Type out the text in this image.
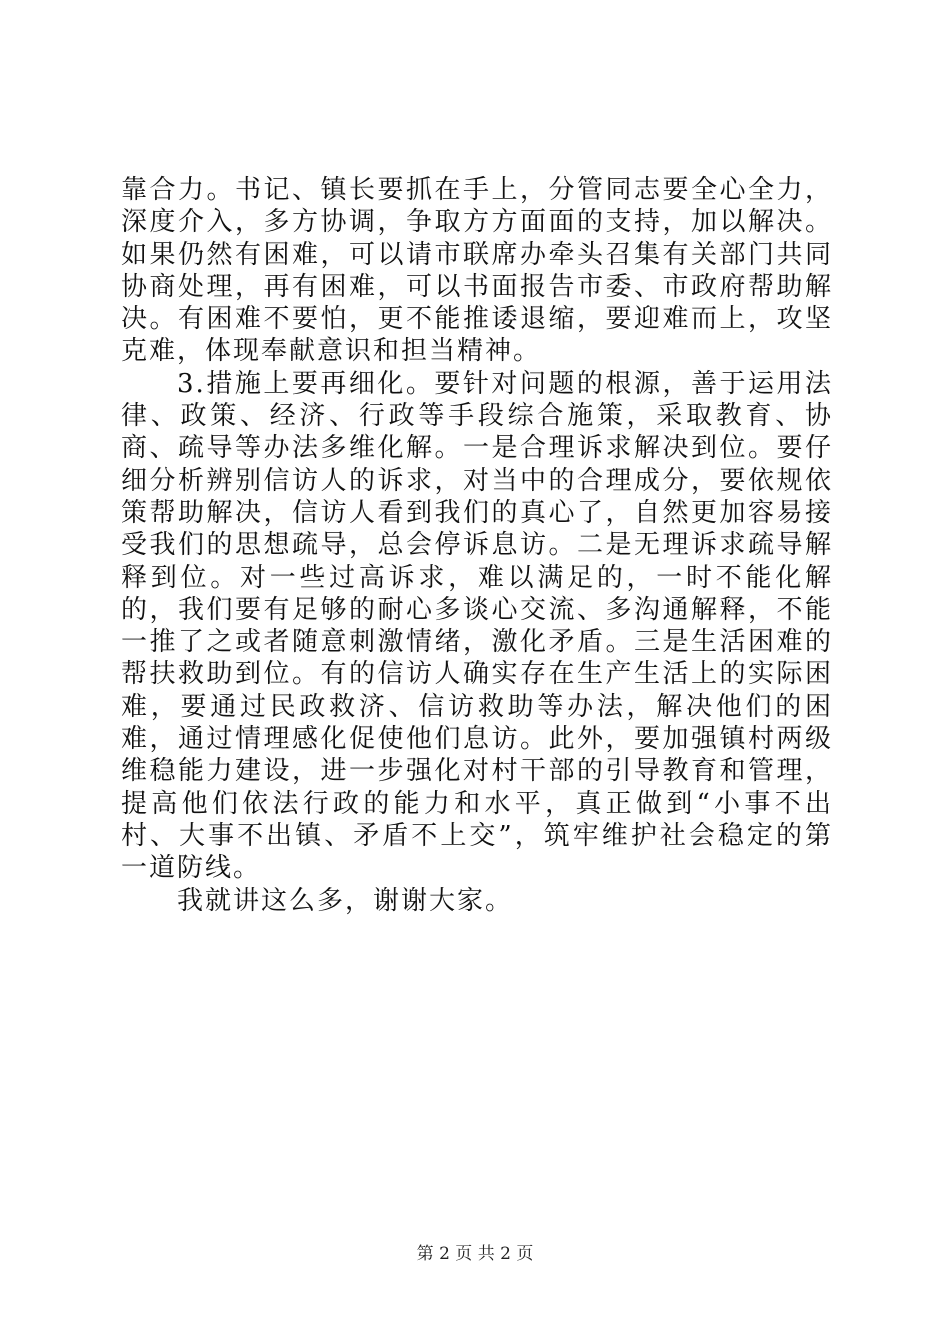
靠合力。书记、镇长要抓在手上，分管同志要全心全力，深度介入，多方协调，争取方方面面的支持，加以解决。如果仍然有困难，可以请市联席办牵头召集有关部门共同协商处理，再有困难，可以书面报告市委、市政府帮助解决。有困难不要怕，更不能推诿退缩，要迎难而上，攻坚克难，体现奉献意识和担当精神。

3.措施上要再细化。要针对问题的根源，善于运用法律、政策、经济、行政等手段综合施策，采取教育、协商、疏导等办法多维化解。一是合理诉求解决到位。要仔细分析辨别信访人的诉求，对当中的合理成分，要依规依策帮助解决，信访人看到我们的真心了，自然更加容易接受我们的思想疏导，总会停诉息访。二是无理诉求疏导解释到位。对一些过高诉求，难以满足的，一时不能化解的，我们要有足够的耐心多谈心交流、多沟通解释，不能一推了之或者随意刺激情绪，激化矛盾。三是生活困难的帮扶救助到位。有的信访人确实存在生产生活上的实际困难，要通过民政救济、信访救助等办法，解决他们的困难，通过情理感化促使他们息访。此外，要加强镇村两级维稳能力建设，进一步强化对村干部的引导教育和管理，提高他们依法行政的能力和水平，真正做到“小事不出村、大事不出镇、矛盾不上交”，筑牢维护社会稳定的第一道防线。

我就讲这么多，谢谢大家。

第 2 页 共 2 页
